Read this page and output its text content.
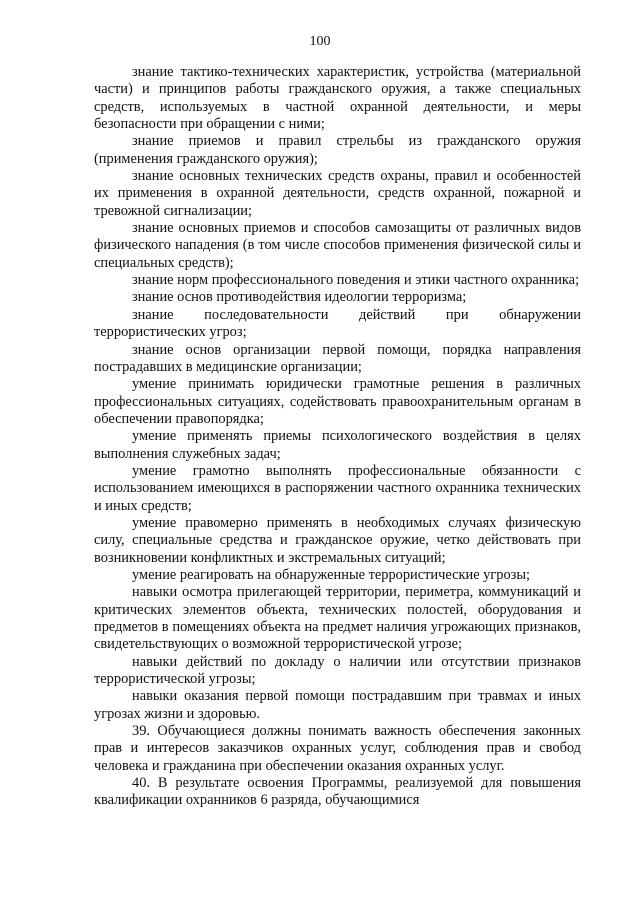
100

знание тактико-технических характеристик, устройства (материальной части) и принципов работы гражданского оружия, а также специальных средств, используемых в частной охранной деятельности, и меры безопасности при обращении с ними;

знание приемов и правил стрельбы из гражданского оружия (применения гражданского оружия);

знание основных технических средств охраны, правил и особенностей их применения в охранной деятельности, средств охранной, пожарной и тревожной сигнализации;

знание основных приемов и способов самозащиты от различных видов физического нападения (в том числе способов применения физической силы и специальных средств);

знание норм профессионального поведения и этики частного охранника;

знание основ противодействия идеологии терроризма;

знание последовательности действий при обнаружении террористических угроз;

знание основ организации первой помощи, порядка направления пострадавших в медицинские организации;

умение принимать юридически грамотные решения в различных профессиональных ситуациях, содействовать правоохранительным органам в обеспечении правопорядка;

умение применять приемы психологического воздействия в целях выполнения служебных задач;

умение грамотно выполнять профессиональные обязанности с использованием имеющихся в распоряжении частного охранника технических и иных средств;

умение правомерно применять в необходимых случаях физическую силу, специальные средства и гражданское оружие, четко действовать при возникновении конфликтных и экстремальных ситуаций;

умение реагировать на обнаруженные террористические угрозы;

навыки осмотра прилегающей территории, периметра, коммуникаций и критических элементов объекта, технических полостей, оборудования и предметов в помещениях объекта на предмет наличия угрожающих признаков, свидетельствующих о возможной террористической угрозе;

навыки действий по докладу о наличии или отсутствии признаков террористической угрозы;

навыки оказания первой помощи пострадавшим при травмах и иных угрозах жизни и здоровью.

39. Обучающиеся должны понимать важность обеспечения законных прав и интересов заказчиков охранных услуг, соблюдения прав и свобод человека и гражданина при обеспечении оказания охранных услуг.

40. В результате освоения Программы, реализуемой для повышения квалификации охранников 6 разряда, обучающимися
